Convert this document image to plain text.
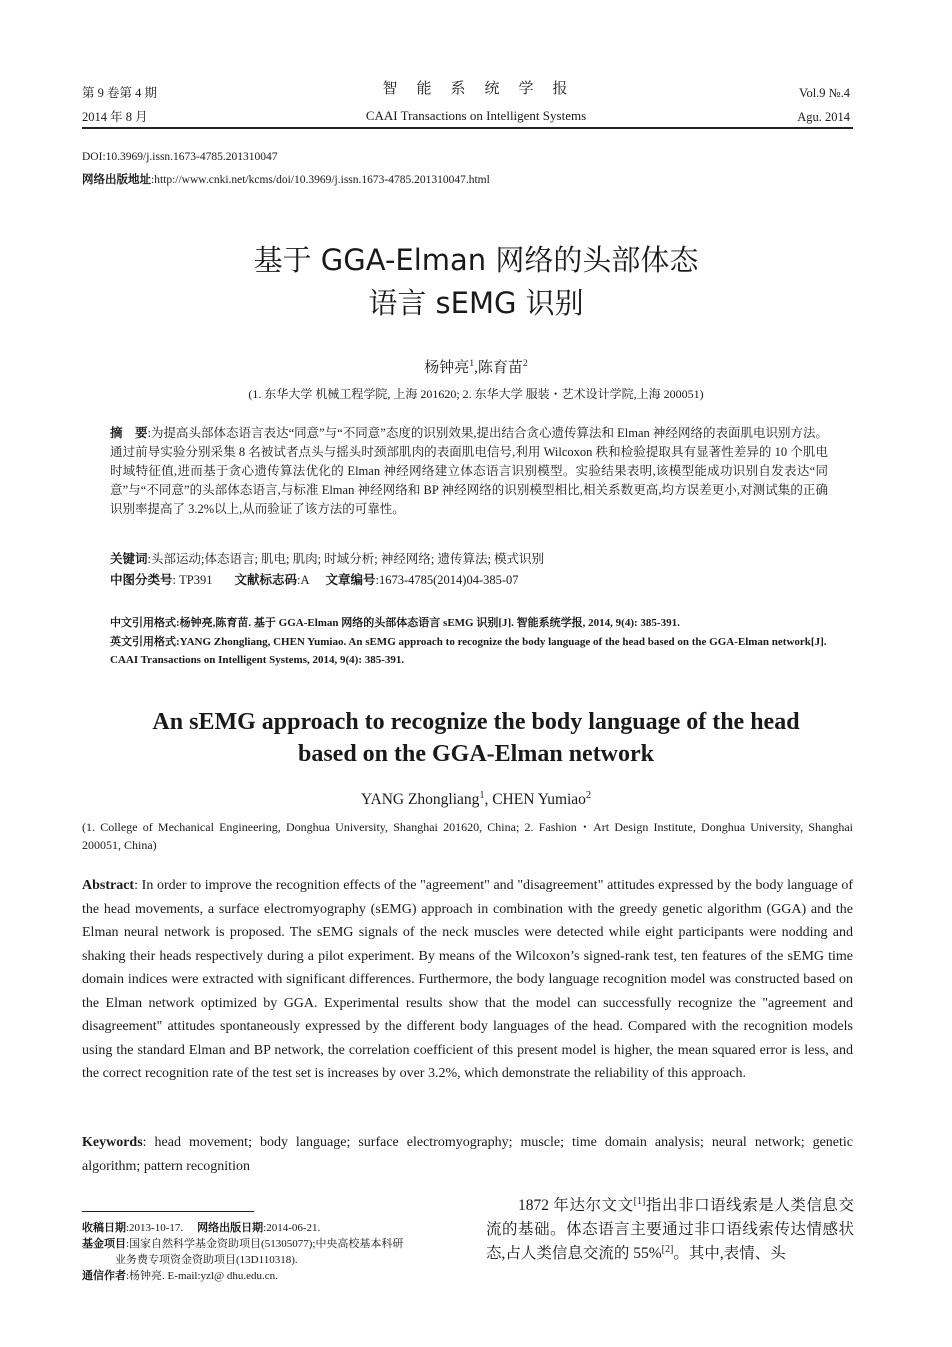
第 9 卷第 4 期
2014 年 8 月
智　能　系　统　学　报
CAAI Transactions on Intelligent Systems
Vol.9 №.4
Agu. 2014
DOI:10.3969/j.issn.1673-4785.201310047
网络出版地址:http://www.cnki.net/kcms/doi/10.3969/j.issn.1673-4785.201310047.html
基于 GGA-Elman 网络的头部体态
语言 sEMG 识别
杨钟亮$^1$,陈育苗$^2$
(1. 东华大学 机械工程学院, 上海 201620; 2. 东华大学 服装・艺术设计学院,上海 200051)
摘　要:为提高头部体态语言表达“同意”与“不同意”态度的识别效果,提出结合贪心遗传算法和 Elman 神经网络的表面肌电识别方法。通过前导实验分别采集 8 名被试者点头与摇头时颈部肌肉的表面肌电信号,利用 Wilcoxon 秩和检验提取具有显著性差异的 10 个肌电时域特征值,进而基于贪心遗传算法优化的 Elman 神经网络建立体态语言识别模型。实验结果表明,该模型能成功识别自发表达“同意”与“不同意”的头部体态语言,与标准 Elman 神经网络和 BP 神经网络的识别模型相比,相关系数更高,均方误差更小,对测试集的正确识别率提高了 3.2%以上,从而验证了该方法的可靠性。
关键词:头部运动;体态语言; 肌电; 肌肉; 时域分析; 神经网络; 遗传算法; 模式识别
中图分类号: TP391 文献标志码:A 文章编号:1673-4785(2014)04-385-07
中文引用格式:杨钟亮,陈育苗. 基于 GGA-Elman 网络的头部体态语言 sEMG 识别[J]. 智能系统学报, 2014, 9(4): 385-391.
英文引用格式:YANG Zhongliang, CHEN Yumiao. An sEMG approach to recognize the body language of the head based on the GGA-Elman network[J]. CAAI Transactions on Intelligent Systems, 2014, 9(4): 385-391.
An sEMG approach to recognize the body language of the head
based on the GGA-Elman network
YANG Zhongliang$^1$, CHEN Yumiao$^2$
(1. College of Mechanical Engineering, Donghua University, Shanghai 201620, China; 2. Fashion・Art Design Institute, Donghua University, Shanghai 200051, China)
Abstract: In order to improve the recognition effects of the "agreement" and "disagreement" attitudes expressed by the body language of the head movements, a surface electromyography (sEMG) approach in combination with the greedy genetic algorithm (GGA) and the Elman neural network is proposed. The sEMG signals of the neck muscles were detected while eight participants were nodding and shaking their heads respectively during a pilot experiment. By means of the Wilcoxon’s signed-rank test, ten features of the sEMG time domain indices were extracted with significant differences. Furthermore, the body language recognition model was constructed based on the Elman network optimized by GGA. Experimental results show that the model can successfully recognize the "agreement and disagreement" attitudes spontaneously expressed by the different body languages of the head. Compared with the recognition models using the standard Elman and BP network, the correlation coefficient of this present model is higher, the mean squared error is less, and the correct recognition rate of the test set is increases by over 3.2%, which demonstrate the reliability of this approach.
Keywords: head movement; body language; surface electromyography; muscle; time domain analysis; neural network; genetic algorithm; pattern recognition
收稿日期:2013-10-17. 网络出版日期:2014-06-21.
基金项目:国家自然科学基金资助项目(51305077);中央高校基本科研
业务费专项资金资助项目(13D110318).
通信作者:杨钟亮. E-mail:yzl@ dhu.edu.cn.
1872 年达尔文文[1]指出非口语线索是人类信息交流的基础。体态语言主要通过非口语线索传达情感状态,占人类信息交流的 55%[2]。其中,表情、头
